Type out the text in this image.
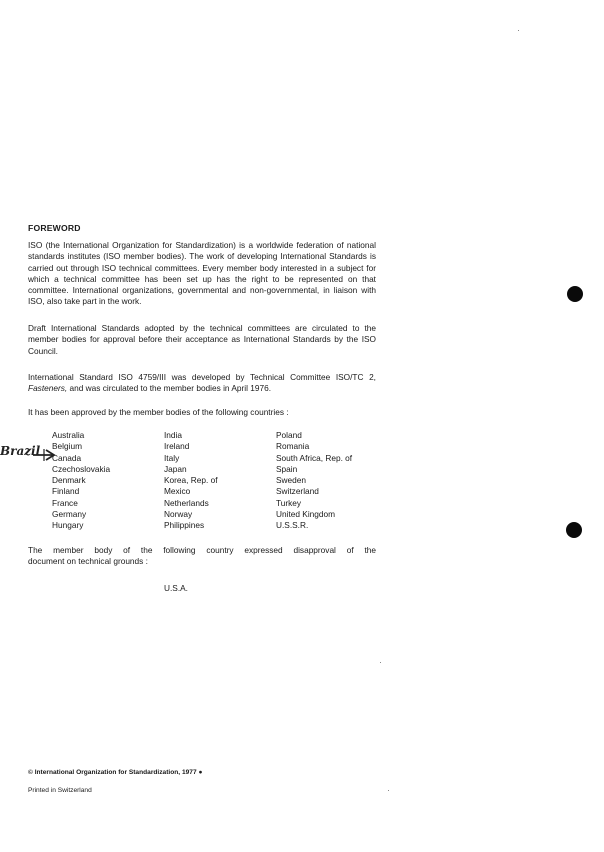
FOREWORD

ISO (the International Organization for Standardization) is a worldwide federation of national standards institutes (ISO member bodies). The work of developing International Standards is carried out through ISO technical committees. Every member body interested in a subject for which a technical committee has been set up has the right to be represented on that committee. International organizations, governmental and non-governmental, in liaison with ISO, also take part in the work.

Draft International Standards adopted by the technical committees are circulated to the member bodies for approval before their acceptance as International Standards by the ISO Council.

International Standard ISO 4759/III was developed by Technical Committee ISO/TC 2, Fasteners, and was circulated to the member bodies in April 1976.

It has been approved by the member bodies of the following countries :

Australia
Belgium
Canada
Czechoslovakia
Denmark
Finland
France
Germany
Hungary
India
Ireland
Italy
Japan
Korea, Rep. of
Mexico
Netherlands
Norway
Philippines
Poland
Romania
South Africa, Rep. of
Spain
Sweden
Switzerland
Turkey
United Kingdom
U.S.S.R.
Brazil

The member body of the following country expressed disapproval of the
document on technical grounds :

U.S.A.
© International Organization for Standardization, 1977 ●
Printed in Switzerland
